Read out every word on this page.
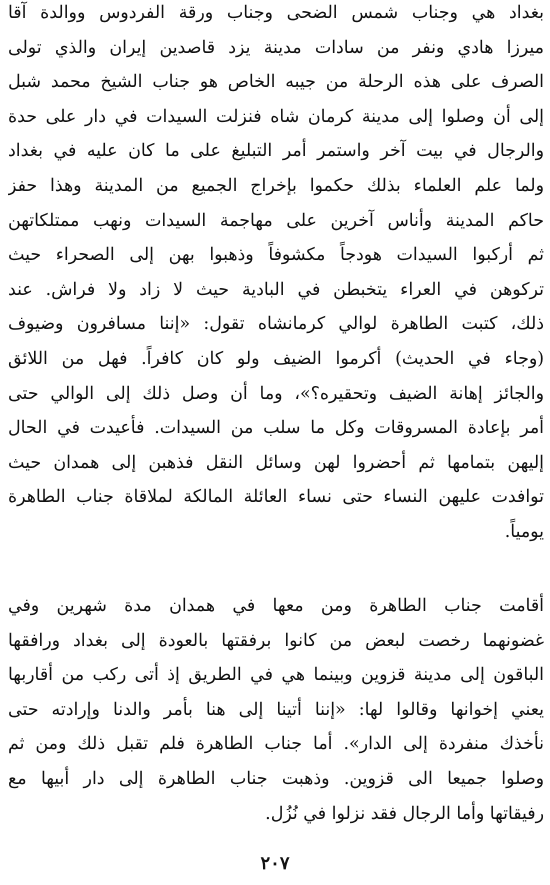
بغداد هي وجناب شمس الضحى وجناب ورقة الفردوس ووالدة آقا
ميرزا هادي ونفر من سادات مدينة يزد قاصدين إيران والذي تولى
الصرف على هذه الرحلة من جيبه الخاص هو جناب الشيخ محمد شبل
إلى أن وصلوا إلى مدينة كرمان شاه فنزلت السيدات في دار على حدة
والرجال في بيت آخر واستمر أمر التبليغ على ما كان عليه في بغداد
ولما علم العلماء بذلك حكموا بإخراج الجميع من المدينة وهذا حفز
حاكم المدينة وأناس آخرين على مهاجمة السيدات ونهب ممتلكاتهن
ثم أركبوا السيدات هودجاً مكشوفاً وذهبوا بهن إلى الصحراء حيث
تركوهن في العراء يتخبطن في البادية حيث لا زاد ولا فراش. عند
ذلك، كتبت الطاهرة لوالي كرمانشاه تقول: «إننا مسافرون وضيوف
(وجاء في الحديث) أكرموا الضيف ولو كان كافراً. فهل من اللائق
والجائز إهانة الضيف وتحقيره؟»، وما أن وصل ذلك إلى الوالي حتى
أمر بإعادة المسروقات وكل ما سلب من السيدات. فأعيدت في الحال
إليهن بتمامها ثم أحضروا لهن وسائل النقل فذهبن إلى همدان حيث
توافدت عليهن النساء حتى نساء العائلة المالكة لملاقاة جناب الطاهرة
يومياً.
أقامت جناب الطاهرة ومن معها في همدان مدة شهرين وفي
غضونهما رخصت لبعض من كانوا برفقتها بالعودة إلى بغداد ورافقها
الباقون إلى مدينة قزوين وبينما هي في الطريق إذ أتى ركب من أقاربها
يعني إخوانها وقالوا لها: «إننا أتينا إلى هنا بأمر والدنا وإرادته حتى
نأخذك منفردة إلى الدار». أما جناب الطاهرة فلم تقبل ذلك ومن ثم
وصلوا جميعا الى قزوين. وذهبت جناب الطاهرة إلى دار أبيها مع
رفيقاتها وأما الرجال فقد نزلوا في نُزُل.
٢٠٧
